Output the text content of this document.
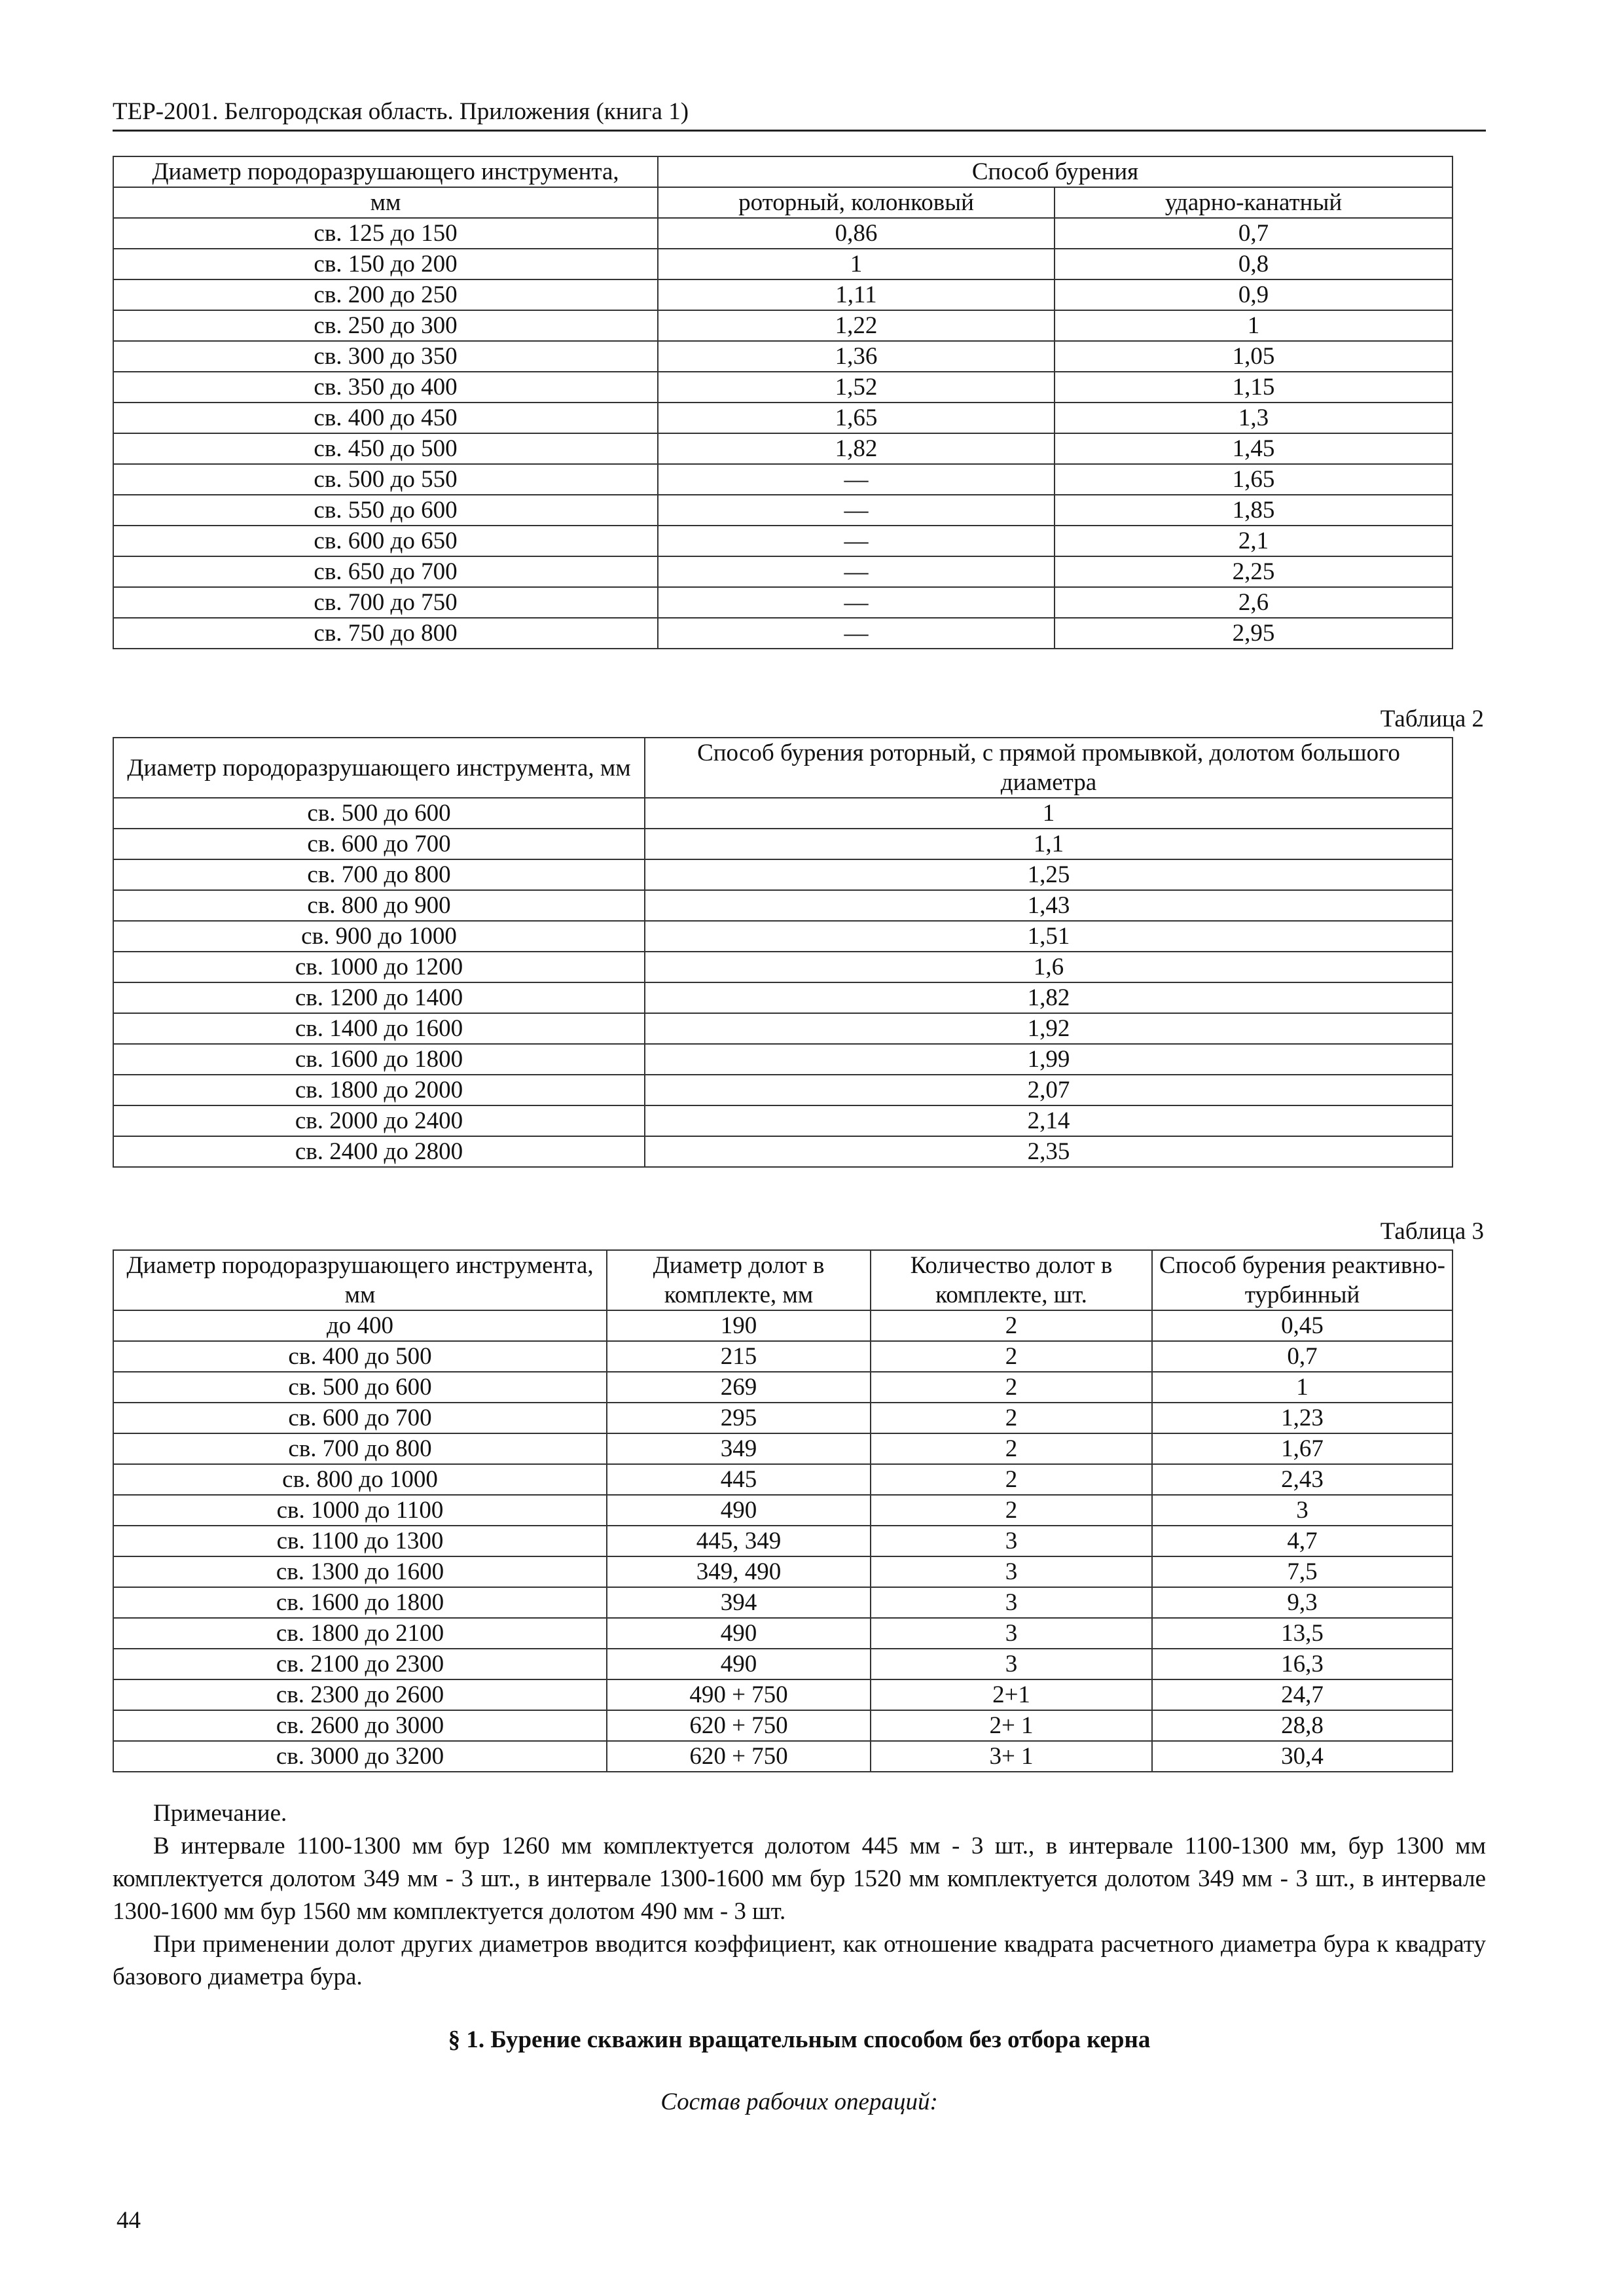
ТЕР-2001. Белгородская область. Приложения (книга 1)
Диаметр породоразрушающего инструмента,	Способ бурения	
мм	роторный, колонковый	ударно-канатный
св. 125 до 150	0,86	0,7
св. 150 до 200	1	0,8
св. 200 до 250	1,11	0,9
св. 250 до 300	1,22	1
св. 300 до 350	1,36	1,05
св. 350 до 400	1,52	1,15
св. 400 до 450	1,65	1,3
св. 450 до 500	1,82	1,45
св. 500 до 550	—	1,65
св. 550 до 600	—	1,85
св. 600 до 650	—	2,1
св. 650 до 700	—	2,25
св. 700 до 750	—	2,6
св. 750 до 800	—	2,95
Таблица 2
Диаметр породоразрушающего инструмента, мм	Способ бурения роторный, с прямой промывкой, долотом большого диаметра
св. 500 до 600	1
св. 600 до 700	1,1
св. 700 до 800	1,25
св. 800 до 900	1,43
св. 900 до 1000	1,51
св. 1000 до 1200	1,6
св. 1200 до 1400	1,82
св. 1400 до 1600	1,92
св. 1600 до 1800	1,99
св. 1800 до 2000	2,07
св. 2000 до 2400	2,14
св. 2400 до 2800	2,35
Таблица 3
Диаметр породоразрушающего инструмента, мм	Диаметр долот в комплекте, мм	Количество долот в комплекте, шт.	Способ бурения реактивно-турбинный
до 400	190	2	0,45
св. 400 до 500	215	2	0,7
св. 500 до 600	269	2	1
св. 600 до 700	295	2	1,23
св. 700 до 800	349	2	1,67
св. 800 до 1000	445	2	2,43
св. 1000 до 1100	490	2	3
св. 1100 до 1300	445, 349	3	4,7
св. 1300 до 1600	349, 490	3	7,5
св. 1600 до 1800	394	3	9,3
св. 1800 до 2100	490	3	13,5
св. 2100 до 2300	490	3	16,3
св. 2300 до 2600	490 + 750	2+1	24,7
св. 2600 до 3000	620 + 750	2+ 1	28,8
св. 3000 до 3200	620 + 750	3+ 1	30,4

Примечание.

В интервале 1100-1300 мм бур 1260 мм комплектуется долотом 445 мм - 3 шт., в интервале 1100-1300 мм, бур 1300 мм комплектуется долотом 349 мм - 3 шт., в интервале 1300-1600 мм бур 1520 мм комплектуется долотом 349 мм - 3 шт., в интервале 1300-1600 мм бур 1560 мм комплектуется долотом 490 мм - 3 шт.

При применении долот других диаметров вводится коэффициент, как отношение квадрата расчетного диаметра бура к квадрату базового диаметра бура.

§ 1. Бурение скважин вращательным способом без отбора керна
Состав рабочих операций:
44
